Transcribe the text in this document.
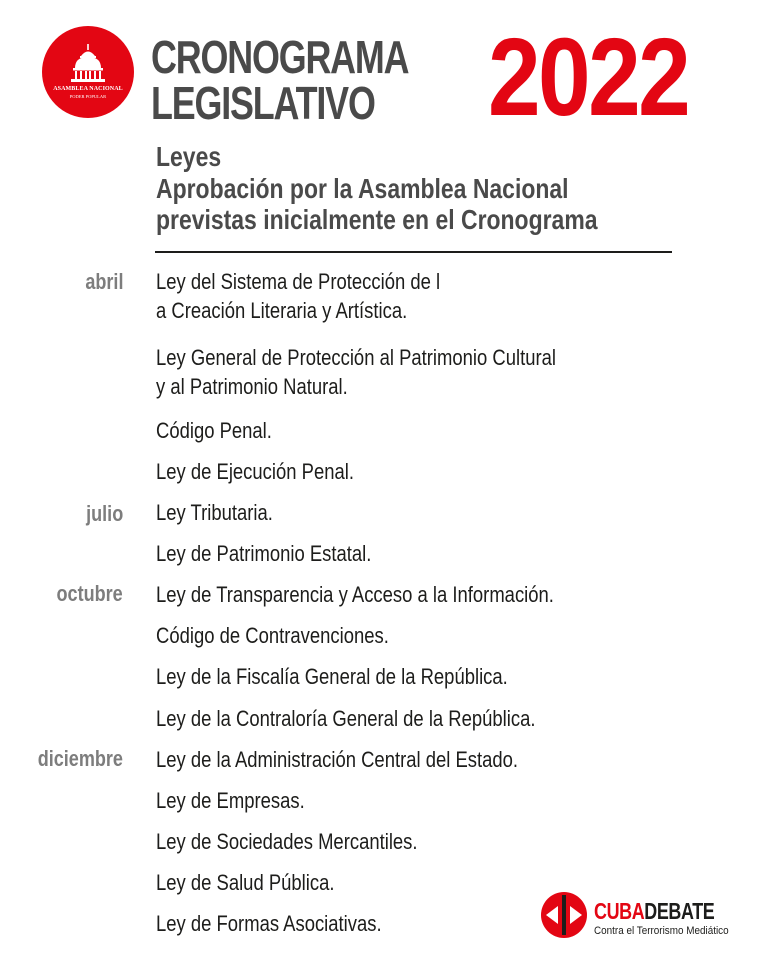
ASAMBLEA NACIONAL
PODER POPULAR
CRONOGRAMA
LEGISLATIVO 2022
Leyes
Aprobación por la Asamblea Nacional
previstas inicialmente en el Cronograma
abril
julio
octubre
diciembre
Ley del Sistema de Protección de l
a Creación Literaria y Artística.
Ley General de Protección al Patrimonio Cultural
y al Patrimonio Natural.
Código Penal.
Ley de Ejecución Penal.
Ley Tributaria.
Ley de Patrimonio Estatal.
Ley de Transparencia y Acceso a la Información.
Código de Contravenciones.
Ley de la Fiscalía General de la República.
Ley de la Contraloría General de la República.
Ley de la Administración Central del Estado.
Ley de Empresas.
Ley de Sociedades Mercantiles.
Ley de Salud Pública.
Ley de Formas Asociativas.	CUBADEBATE
Contra el Terrorismo Mediático
